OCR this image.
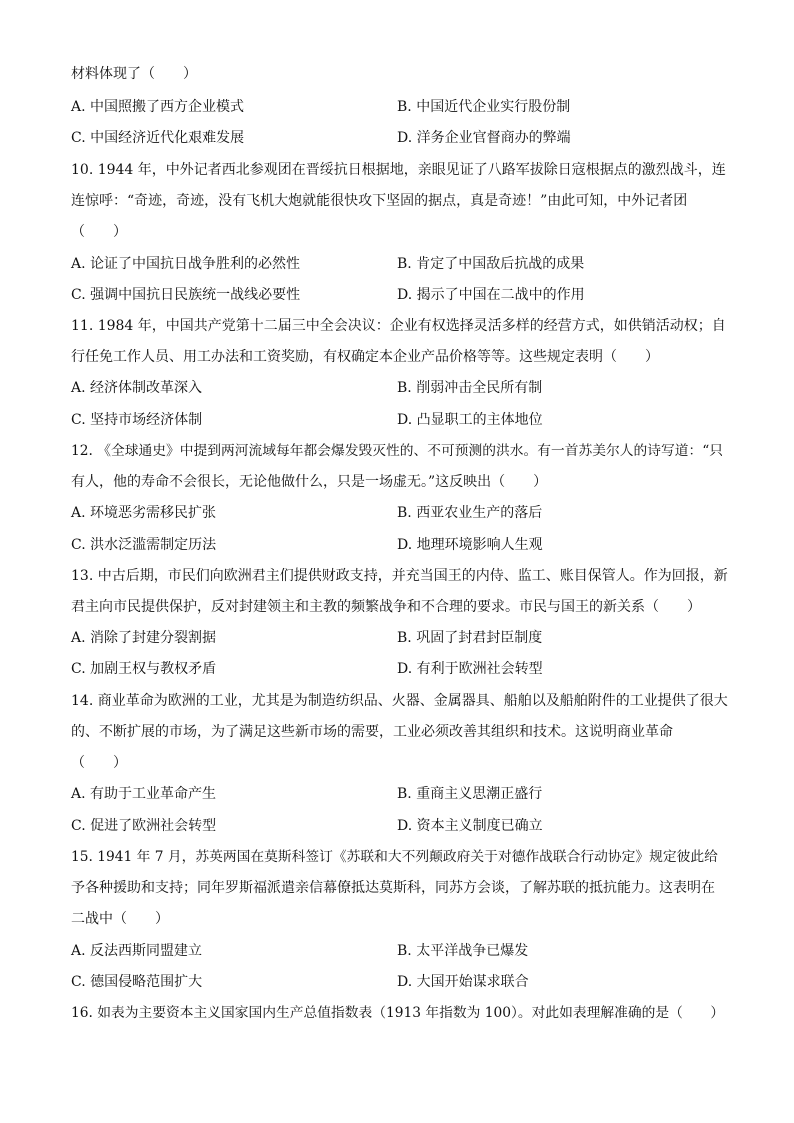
材料体现了（　　）
A. 中国照搬了西方企业模式	B. 中国近代企业实行股份制
C. 中国经济近代化艰难发展	D. 洋务企业官督商办的弊端
10. 1944 年，中外记者西北参观团在晋绥抗日根据地，亲眼见证了八路军拔除日寇根据点的激烈战斗，连
连惊呼：“奇迹，奇迹，没有飞机大炮就能很快攻下坚固的据点，真是奇迹！”由此可知，中外记者团
（　　）
A. 论证了中国抗日战争胜利的必然性	B. 肯定了中国敌后抗战的成果
C. 强调中国抗日民族统一战线必要性	D. 揭示了中国在二战中的作用
11. 1984 年，中国共产党第十二届三中全会决议：企业有权选择灵活多样的经营方式，如供销活动权；自
行任免工作人员、用工办法和工资奖励，有权确定本企业产品价格等等。这些规定表明（　　）
A. 经济体制改革深入	B. 削弱冲击全民所有制
C. 坚持市场经济体制	D. 凸显职工的主体地位
12. 《全球通史》中提到两河流域每年都会爆发毁灭性的、不可预测的洪水。有一首苏美尔人的诗写道：“只
有人，他的寿命不会很长，无论他做什么，只是一场虚无。”这反映出（　　）
A. 环境恶劣需移民扩张	B. 西亚农业生产的落后
C. 洪水泛滥需制定历法	D. 地理环境影响人生观
13. 中古后期，市民们向欧洲君主们提供财政支持，并充当国王的内侍、监工、账目保管人。作为回报，新
君主向市民提供保护，反对封建领主和主教的频繁战争和不合理的要求。市民与国王的新关系（　　）
A. 消除了封建分裂割据	B. 巩固了封君封臣制度
C. 加剧王权与教权矛盾	D. 有利于欧洲社会转型
14. 商业革命为欧洲的工业，尤其是为制造纺织品、火器、金属器具、船舶以及船舶附件的工业提供了很大
的、不断扩展的市场，为了满足这些新市场的需要，工业必须改善其组织和技术。这说明商业革命
（　　）
A. 有助于工业革命产生	B. 重商主义思潮正盛行
C. 促进了欧洲社会转型	D. 资本主义制度已确立
15. 1941 年 7 月，苏英两国在莫斯科签订《苏联和大不列颠政府关于对德作战联合行动协定》规定彼此给
予各种援助和支持；同年罗斯福派遣亲信幕僚抵达莫斯科，同苏方会谈，了解苏联的抵抗能力。这表明在
二战中（　　）
A. 反法西斯同盟建立	B. 太平洋战争已爆发
C. 德国侵略范围扩大	D. 大国开始谋求联合
16. 如表为主要资本主义国家国内生产总值指数表（1913 年指数为 100）。对此如表理解准确的是（　　）
